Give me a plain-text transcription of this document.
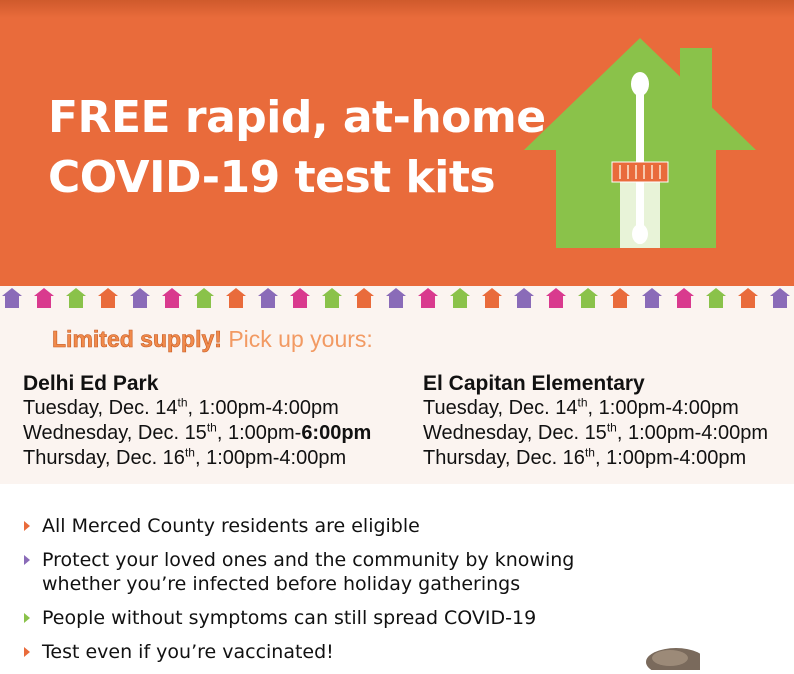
FREE rapid, at-home
COVID-19 test kits
Limited supply! Pick up yours:
Delhi Ed Park
Tuesday, Dec. 14th, 1:00pm-4:00pm
Wednesday, Dec. 15th, 1:00pm-6:00pm
Thursday, Dec. 16th, 1:00pm-4:00pm
El Capitan Elementary
Tuesday, Dec. 14th, 1:00pm-4:00pm
Wednesday, Dec. 15th, 1:00pm-4:00pm
Thursday, Dec. 16th, 1:00pm-4:00pm
All Merced County residents are eligible
Protect your loved ones and the community by knowing
whether you’re infected before holiday gatherings
People without symptoms can still spread COVID-19
Test even if you’re vaccinated!
